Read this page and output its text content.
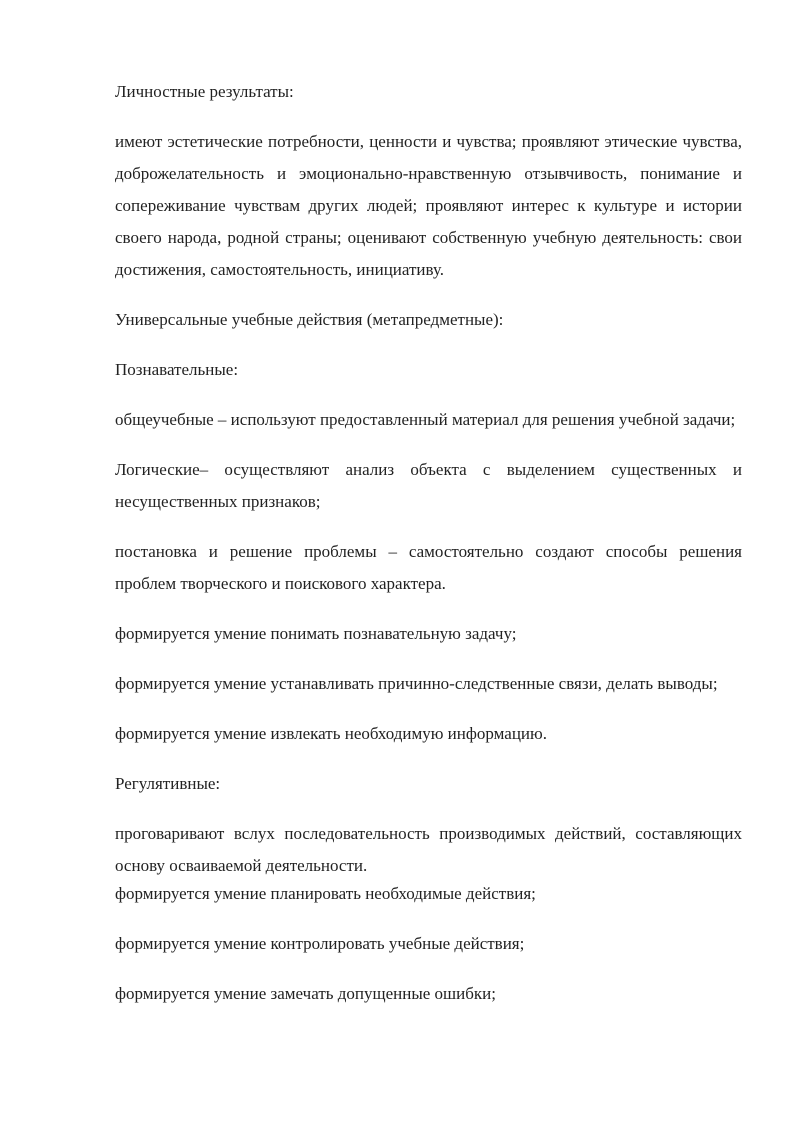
Личностные результаты:

имеют эстетические потребности, ценности и чувства; проявляют этические чувства, доброжелательность и эмоционально-нравственную отзывчивость, понимание и сопереживание чувствам других людей; проявляют интерес к культуре и истории своего народа, родной страны; оценивают собственную учебную деятельность: свои достижения, самостоятельность, инициативу.

Универсальные учебные действия (метапредметные):

Познавательные:

общеучебные – используют предоставленный материал для решения учебной задачи;

Логические– осуществляют анализ объекта с выделением существенных и несущественных признаков;

постановка и решение проблемы – самостоятельно создают способы решения проблем творческого и поискового характера.

формируется умение понимать познавательную задачу;

формируется умение устанавливать причинно-следственные связи, делать выводы;

формируется умение извлекать необходимую информацию.

Регулятивные:

проговаривают вслух последовательность производимых действий, составляющих основу осваиваемой деятельности.

формируется умение планировать необходимые действия;

формируется умение контролировать учебные действия;

формируется умение замечать допущенные ошибки;
